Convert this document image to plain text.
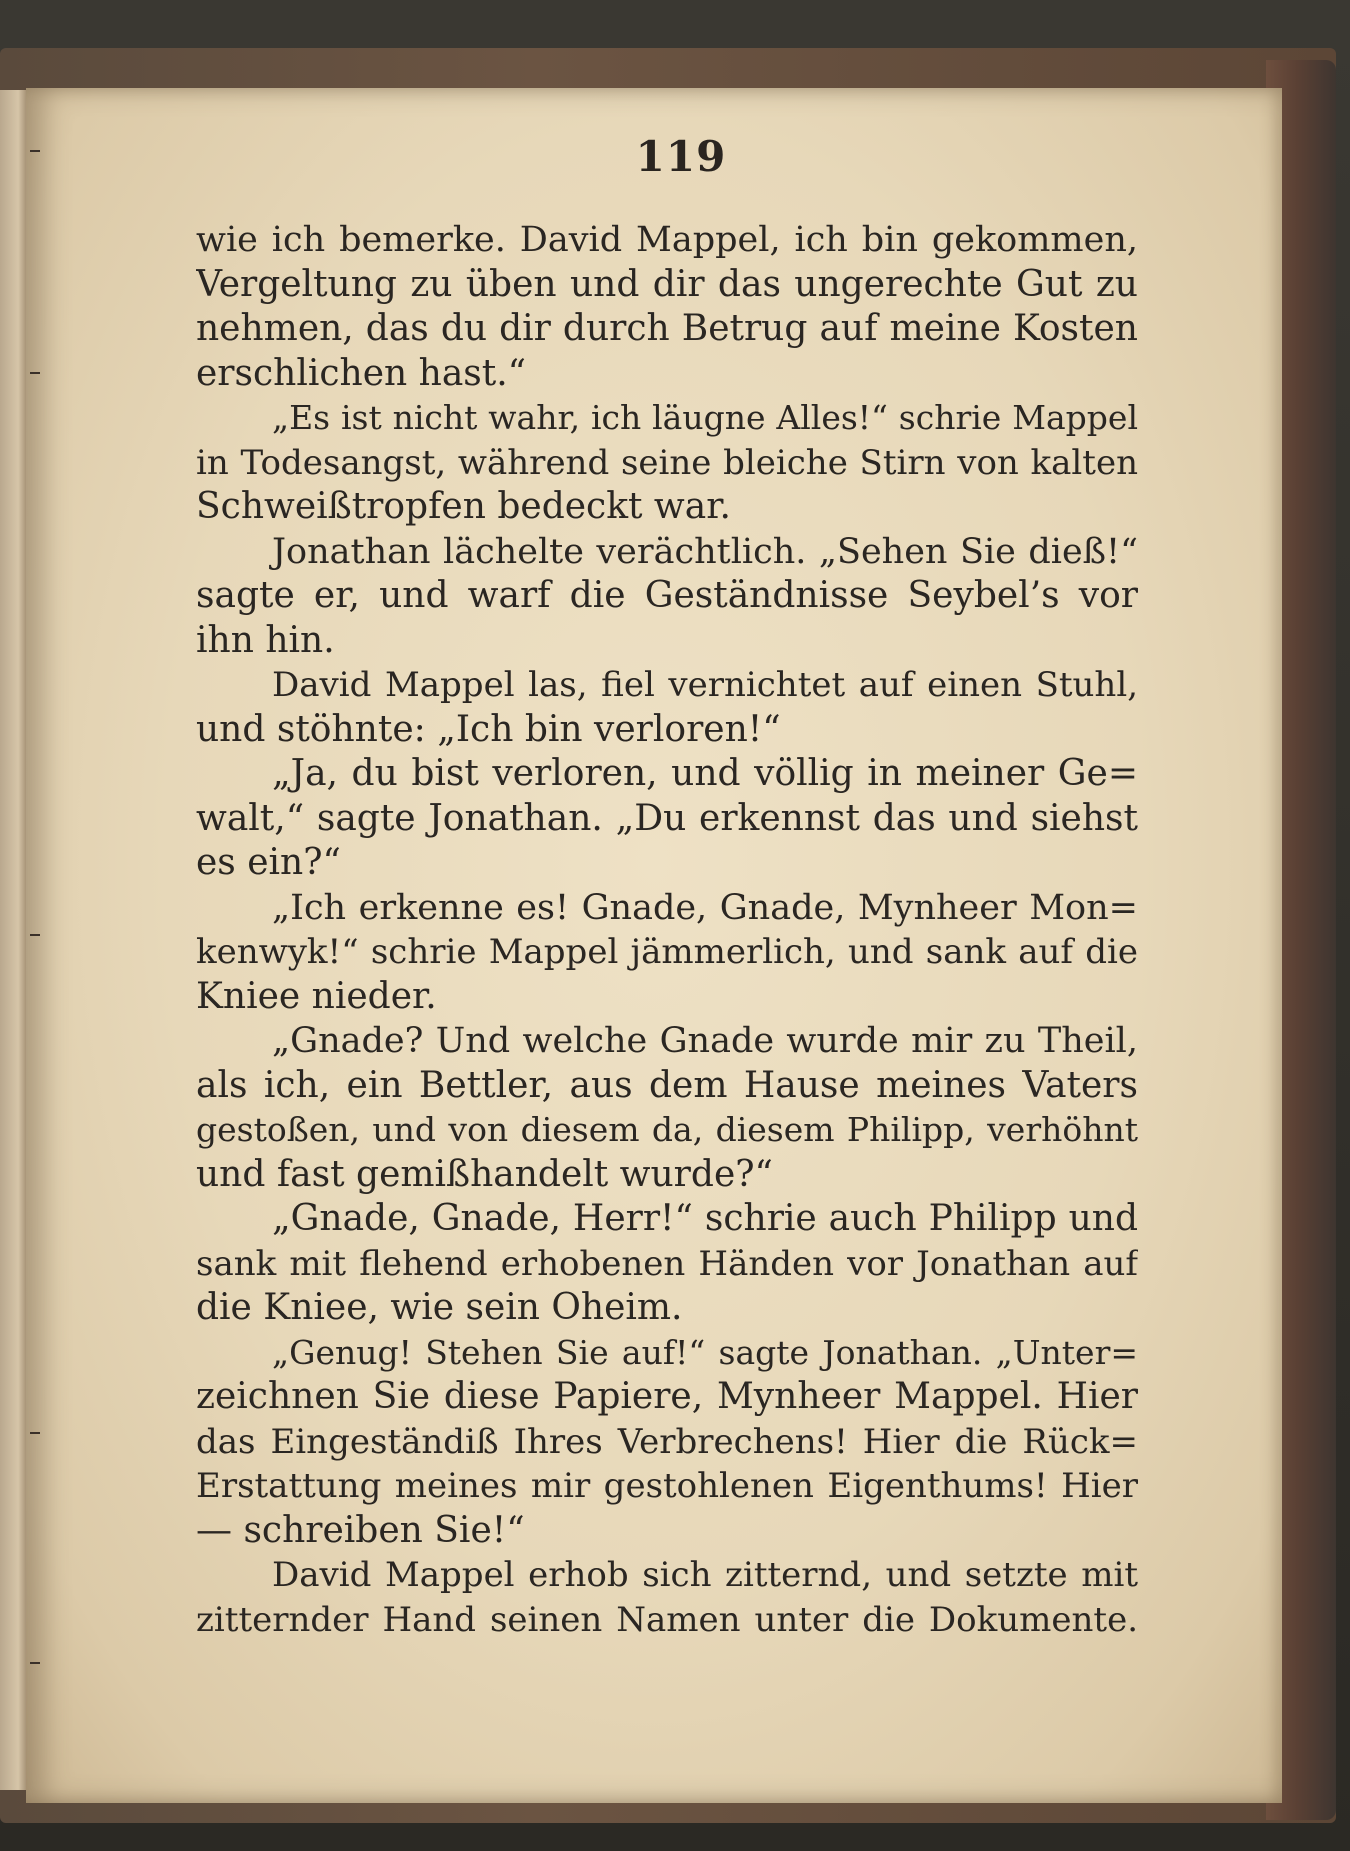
119
wie ich bemerke. David Mappel, ich bin gekommen,
Vergeltung zu üben und dir das ungerechte Gut zu
nehmen, das du dir durch Betrug auf meine Kosten
erschlichen hast.“
„Es ist nicht wahr, ich läugne Alles!“ schrie Mappel
in Todesangst, während seine bleiche Stirn von kalten
Schweißtropfen bedeckt war.
Jonathan lächelte verächtlich. „Sehen Sie dieß!“
sagte er, und warf die Geständnisse Seybel’s vor
ihn hin.
David Mappel las, fiel vernichtet auf einen Stuhl,
und stöhnte: „Ich bin verloren!“
„Ja, du bist verloren, und völlig in meiner Ge=
walt,“ sagte Jonathan. „Du erkennst das und siehst
es ein?“
„Ich erkenne es! Gnade, Gnade, Mynheer Mon=
kenwyk!“ schrie Mappel jämmerlich, und sank auf die
Kniee nieder.
„Gnade? Und welche Gnade wurde mir zu Theil,
als ich, ein Bettler, aus dem Hause meines Vaters
gestoßen, und von diesem da, diesem Philipp, verhöhnt
und fast gemißhandelt wurde?“
„Gnade, Gnade, Herr!“ schrie auch Philipp und
sank mit flehend erhobenen Händen vor Jonathan auf
die Kniee, wie sein Oheim.
„Genug! Stehen Sie auf!“ sagte Jonathan. „Unter=
zeichnen Sie diese Papiere, Mynheer Mappel. Hier
das Eingeständiß Ihres Verbrechens! Hier die Rück=
Erstattung meines mir gestohlenen Eigenthums! Hier
— schreiben Sie!“
David Mappel erhob sich zitternd, und setzte mit
zitternder Hand seinen Namen unter die Dokumente.
